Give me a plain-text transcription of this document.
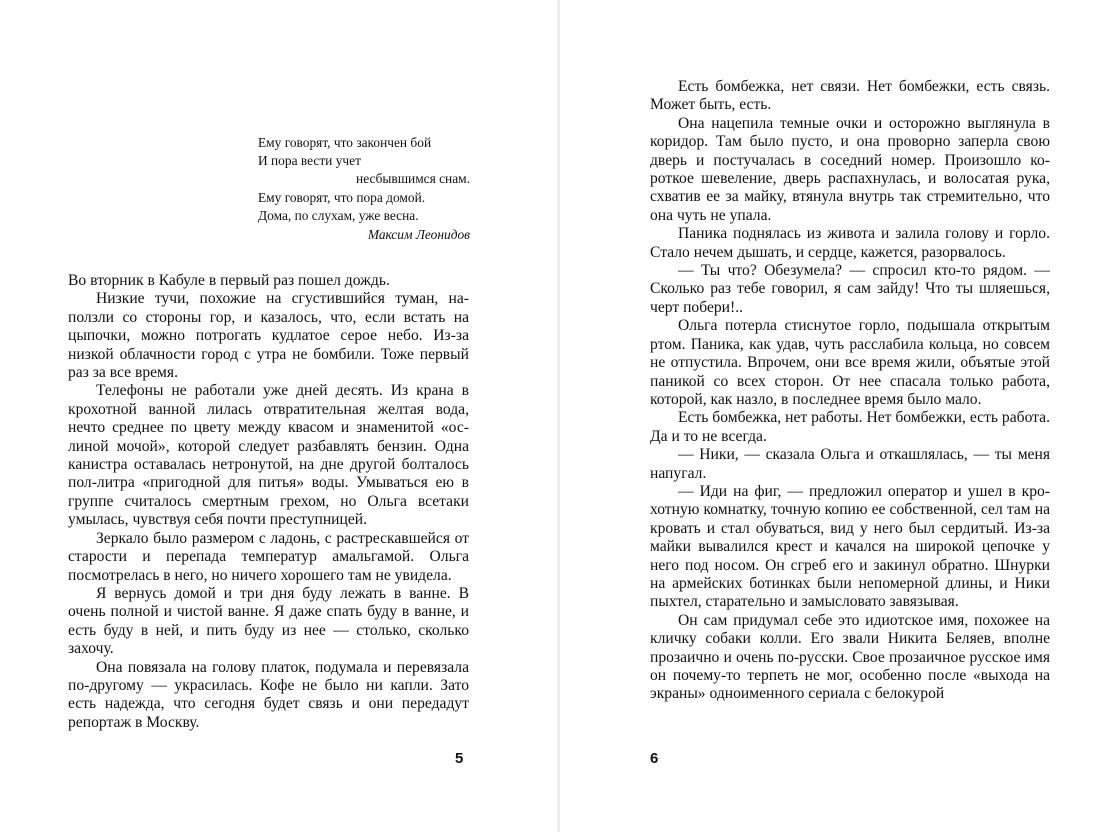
Ему говорят, что закончен бой
И пора вести учет
несбывшимся снам.
Ему говорят, что пора домой.
Дома, по слухам, уже весна.
Максим Леонидов

Во вторник в Кабуле в первый раз пошел дождь.

Низкие тучи, похожие на сгустившийся туман, наползли со стороны гор, и казалось, что, если встать на цыпочки, можно потрогать кудлатое серое небо. Из-за низкой облачности город с утра не бомбили. Тоже первый раз за все время.

Телефоны не работали уже дней десять. Из крана в крохотной ванной лилась отвратительная желтая вода, нечто среднее по цвету между квасом и знаменитой «ослиной мочой», которой следует разбавлять бензин. Одна канистра оставалась нетронутой, на дне другой болталось пол-литра «пригодной для питья» воды. Умываться ею в группе считалось смертным грехом, но Ольга всетаки умылась, чувствуя себя почти преступницей.

Зеркало было размером с ладонь, с растрескавшейся от старости и перепада температур амальгамой. Ольга посмотрелась в него, но ничего хорошего там не увидела.

Я вернусь домой и три дня буду лежать в ванне. В очень полной и чистой ванне. Я даже спать буду в ванне, и есть буду в ней, и пить буду из нее — столько, сколько захочу.

Она повязала на голову платок, подумала и перевязала по-другому — украсилась. Кофе не было ни капли. Зато есть надежда, что сегодня будет связь и они передадут репортаж в Москву.

5

Есть бомбежка, нет связи. Нет бомбежки, есть связь. Может быть, есть.

Она нацепила темные очки и осторожно выглянула в коридор. Там было пусто, и она проворно заперла свою дверь и постучалась в соседний номер. Произошло короткое шевеление, дверь распахнулась, и волосатая рука, схватив ее за майку, втянула внутрь так стремительно, что она чуть не упала.

Паника поднялась из живота и залила голову и горло. Стало нечем дышать, и сердце, кажется, разорвалось.

— Ты что? Обезумела? — спросил кто-то рядом. — Сколько раз тебе говорил, я сам зайду! Что ты шляешься, черт побери!..

Ольга потерла стиснутое горло, подышала открытым ртом. Паника, как удав, чуть расслабила кольца, но совсем не отпустила. Впрочем, они все время жили, объятые этой паникой со всех сторон. От нее спасала только работа, которой, как назло, в последнее время было мало.

Есть бомбежка, нет работы. Нет бомбежки, есть работа. Да и то не всегда.

— Ники, — сказала Ольга и откашлялась, — ты меня напугал.

— Иди на фиг, — предложил оператор и ушел в крохотную комнатку, точную копию ее собственной, сел там на кровать и стал обуваться, вид у него был сердитый. Из-за майки вывалился крест и качался на широкой цепочке у него под носом. Он сгреб его и закинул обратно. Шнурки на армейских ботинках были непомерной длины, и Ники пыхтел, старательно и замысловато завязывая.

Он сам придумал себе это идиотское имя, похожее на кличку собаки колли. Его звали Никита Беляев, вполне прозаично и очень по-русски. Свое прозаичное русское имя он почему-то терпеть не мог, особенно после «выхода на экраны» одноименного сериала с белокурой

6
